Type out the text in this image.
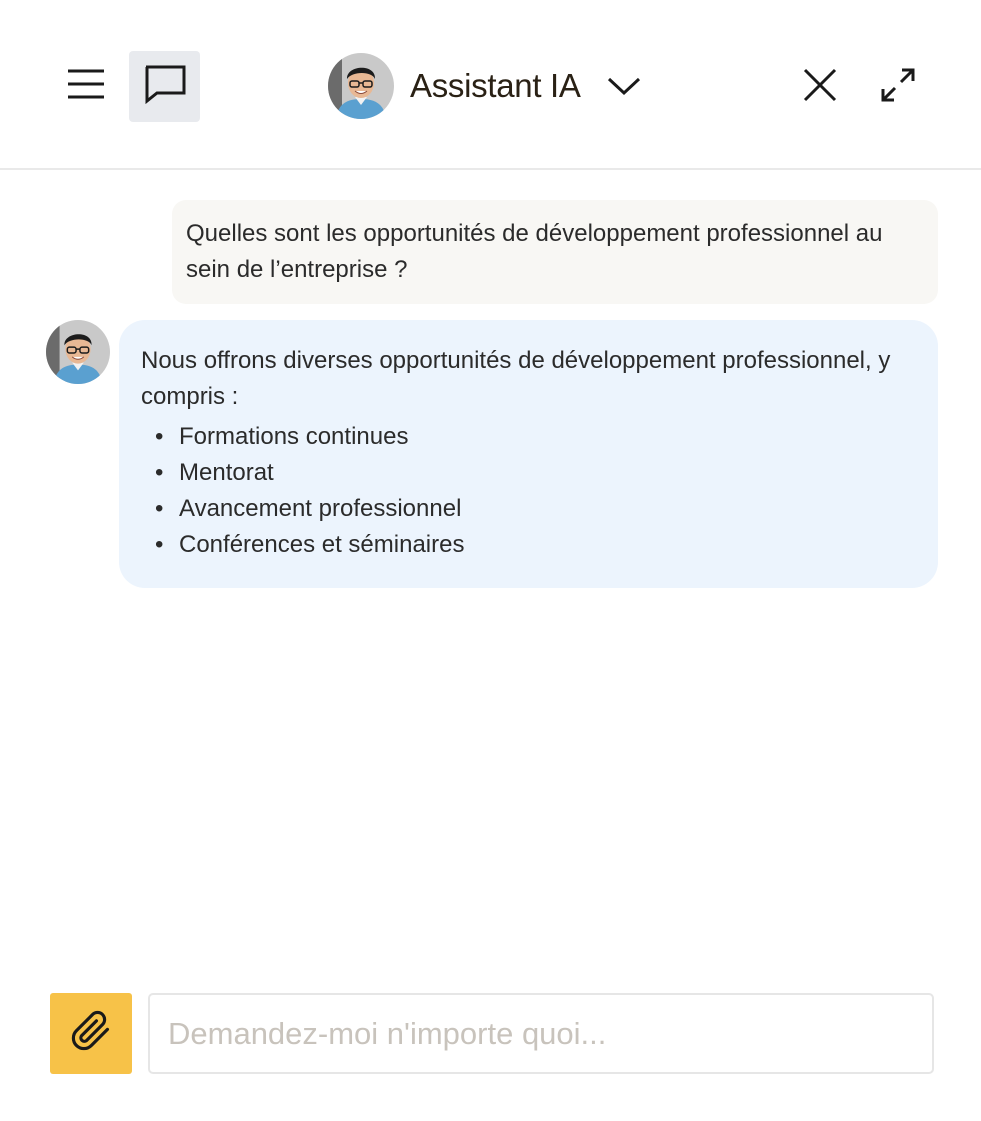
Assistant IA
Quelles sont les opportunités de développement professionnel au sein de l’entreprise ?

Nous offrons diverses opportunités de développement professionnel, y compris :

• Formations continues
• Mentorat
• Avancement professionnel
• Conférences et séminaires
Demandez-moi n'importe quoi...
